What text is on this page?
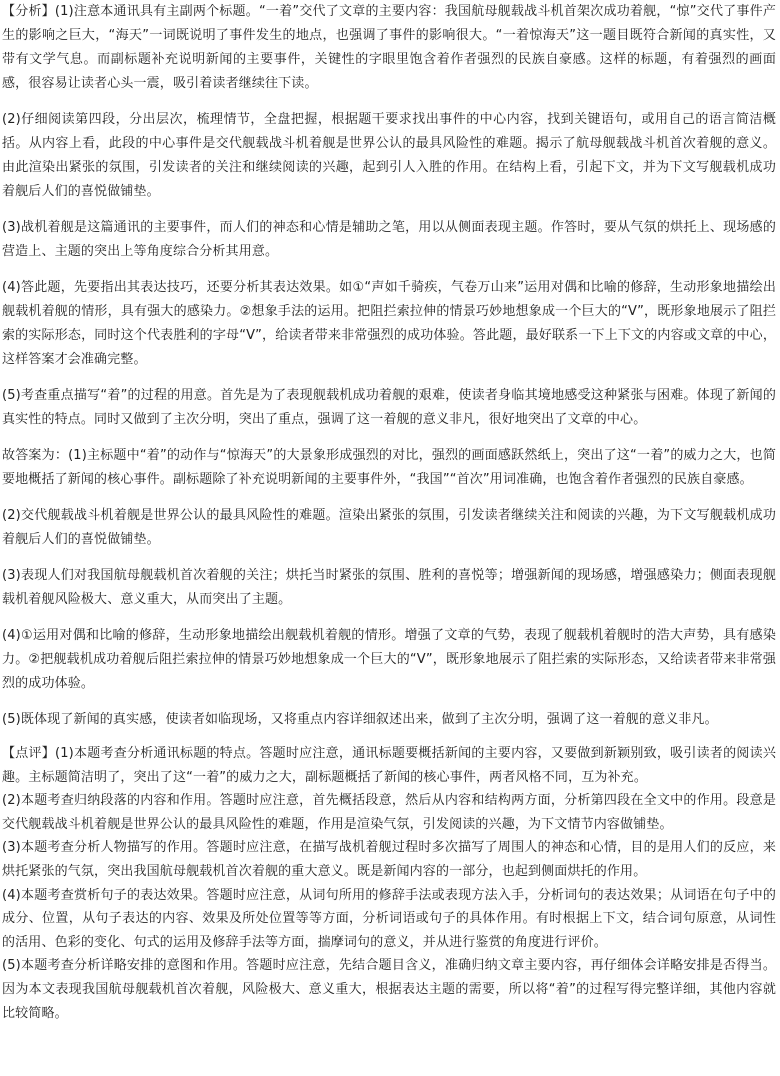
【分析】(1)注意本通讯具有主副两个标题。“一着”交代了文章的主要内容：我国航母舰载战斗机首架次成功着舰，“惊”交代了事件产生的影响之巨大，“海天”一词既说明了事件发生的地点，也强调了事件的影响很大。“一着惊海天”这一题目既符合新闻的真实性，又带有文学气息。而副标题补充说明新闻的主要事件，关键性的字眼里饱含着作者强烈的民族自豪感。这样的标题，有着强烈的画面感，很容易让读者心头一震，吸引着读者继续往下读。

(2)仔细阅读第四段，分出层次，梳理情节，全盘把握，根据题干要求找出事件的中心内容，找到关键语句，或用自己的语言简洁概括。从内容上看，此段的中心事件是交代舰载战斗机着舰是世界公认的最具风险性的难题。揭示了航母舰载战斗机首次着舰的意义。由此渲染出紧张的氛围，引发读者的关注和继续阅读的兴趣，起到引人入胜的作用。在结构上看，引起下文，并为下文写舰载机成功着舰后人们的喜悦做铺垫。

(3)战机着舰是这篇通讯的主要事件，而人们的神态和心情是辅助之笔，用以从侧面表现主题。作答时，要从气氛的烘托上、现场感的营造上、主题的突出上等角度综合分析其用意。

(4)答此题，先要指出其表达技巧，还要分析其表达效果。如①“声如千骑疾，气卷万山来”运用对偶和比喻的修辞，生动形象地描绘出舰载机着舰的情形，具有强大的感染力。②想象手法的运用。把阻拦索拉伸的情景巧妙地想象成一个巨大的“V”，既形象地展示了阻拦索的实际形态，同时这个代表胜利的字母“V”，给读者带来非常强烈的成功体验。答此题，最好联系一下上下文的内容或文章的中心，这样答案才会准确完整。

(5)考查重点描写“着”的过程的用意。首先是为了表现舰载机成功着舰的艰难，使读者身临其境地感受这种紧张与困难。体现了新闻的真实性的特点。同时又做到了主次分明，突出了重点，强调了这一着舰的意义非凡，很好地突出了文章的中心。

故答案为：(1)主标题中“着”的动作与“惊海天”的大景象形成强烈的对比，强烈的画面感跃然纸上，突出了这“一着”的威力之大，也简要地概括了新闻的核心事件。副标题除了补充说明新闻的主要事件外，“我国”“首次”用词准确，也饱含着作者强烈的民族自豪感。

(2)交代舰载战斗机着舰是世界公认的最具风险性的难题。渲染出紧张的氛围，引发读者继续关注和阅读的兴趣，为下文写舰载机成功着舰后人们的喜悦做铺垫。

(3)表现人们对我国航母舰载机首次着舰的关注；烘托当时紧张的氛围、胜利的喜悦等；增强新闻的现场感，增强感染力；侧面表现舰载机着舰风险极大、意义重大，从而突出了主题。

(4)①运用对偶和比喻的修辞，生动形象地描绘出舰载机着舰的情形。增强了文章的气势，表现了舰载机着舰时的浩大声势，具有感染力。②把舰载机成功着舰后阻拦索拉伸的情景巧妙地想象成一个巨大的“V”，既形象地展示了阻拦索的实际形态，又给读者带来非常强烈的成功体验。

(5)既体现了新闻的真实感，使读者如临现场，又将重点内容详细叙述出来，做到了主次分明，强调了这一着舰的意义非凡。

【点评】(1)本题考查分析通讯标题的特点。答题时应注意，通讯标题要概括新闻的主要内容，又要做到新颖别致，吸引读者的阅读兴趣。主标题简洁明了，突出了这“一着”的威力之大，副标题概括了新闻的核心事件，两者风格不同，互为补充。

(2)本题考查归纳段落的内容和作用。答题时应注意，首先概括段意，然后从内容和结构两方面，分析第四段在全文中的作用。段意是交代舰载战斗机着舰是世界公认的最具风险性的难题，作用是渲染气氛，引发阅读的兴趣，为下文情节内容做铺垫。

(3)本题考查分析人物描写的作用。答题时应注意，在描写战机着舰过程时多次描写了周围人的神态和心情，目的是用人们的反应，来烘托紧张的气氛，突出我国航母舰载机首次着舰的重大意义。既是新闻内容的一部分，也起到侧面烘托的作用。

(4)本题考查赏析句子的表达效果。答题时应注意，从词句所用的修辞手法或表现方法入手，分析词句的表达效果；从词语在句子中的成分、位置，从句子表达的内容、效果及所处位置等等方面，分析词语或句子的具体作用。有时根据上下文，结合词句原意，从词性的活用、色彩的变化、句式的运用及修辞手法等方面，揣摩词句的意义，并从进行鉴赏的角度进行评价。

(5)本题考查分析详略安排的意图和作用。答题时应注意，先结合题目含义，准确归纳文章主要内容，再仔细体会详略安排是否得当。因为本文表现我国航母舰载机首次着舰，风险极大、意义重大，根据表达主题的需要，所以将“着”的过程写得完整详细，其他内容就比较简略。
